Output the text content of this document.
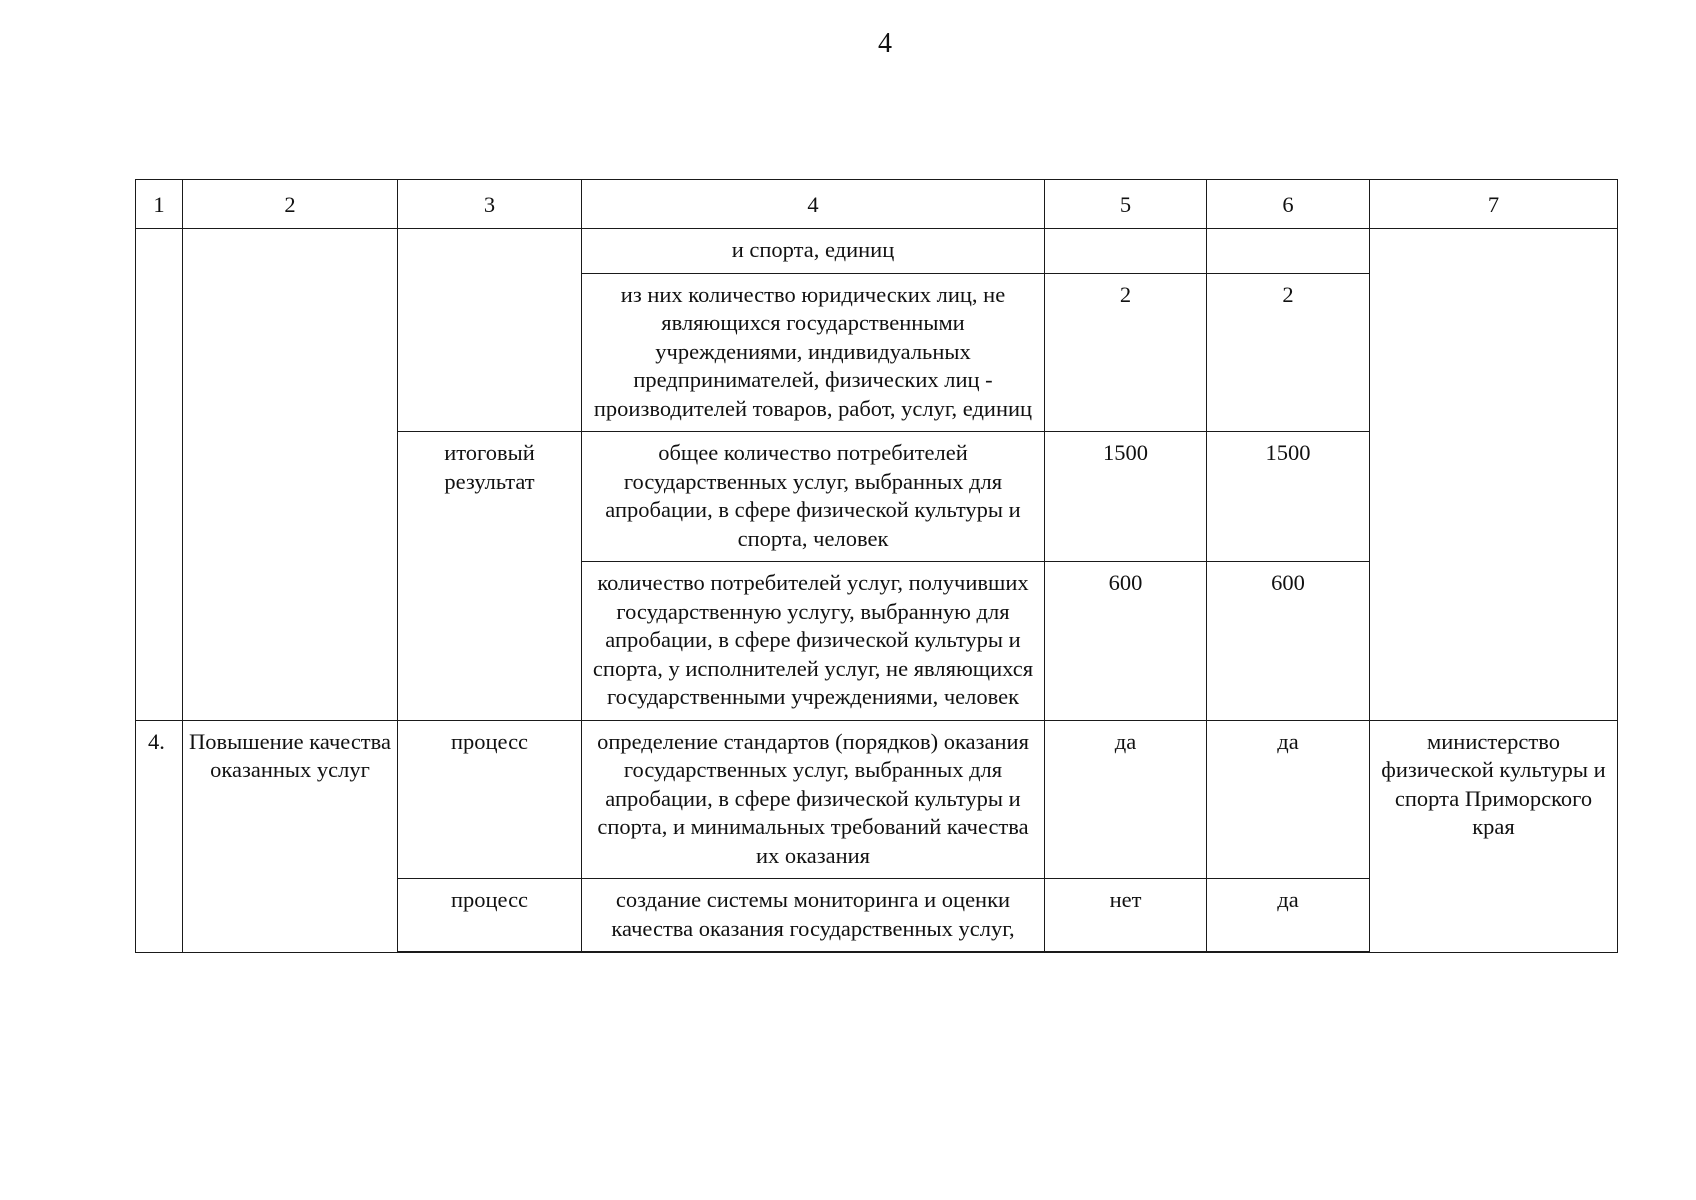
4
1	2	3	4	5	6	7
			и спорта, единиц			
			из них количество юридических лиц, не являющихся государственными учреждениями, индивидуальных предпринимателей, физических лиц - производителей товаров, работ, услуг, единиц	2	2	
		итоговый результат	общее количество потребителей государственных услуг, выбранных для апробации, в сфере физической культуры и спорта, человек	1500	1500	
			количество потребителей услуг, получивших государственную услугу, выбранную для апробации, в сфере физической культуры и спорта, у исполнителей услуг, не являющихся государственными учреждениями, человек	600	600	
4.	Повышение качества оказанных услуг	процесс	определение стандартов (порядков) оказания государственных услуг, выбранных для апробации, в сфере физической культуры и спорта, и минимальных требований качества их оказания	да	да	министерство физической культуры и спорта Приморского края
		процесс	создание системы мониторинга и оценки качества оказания государственных услуг,	нет	да	
